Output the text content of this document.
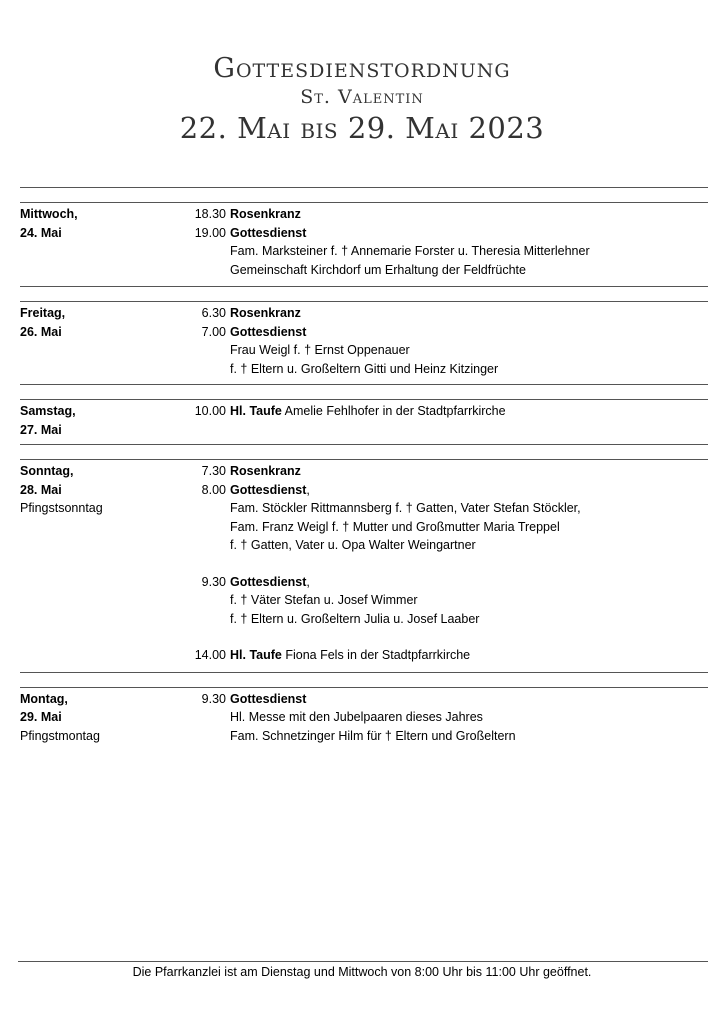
Gottesdienstordnung
St. Valentin
22. Mai bis 29. Mai 2023
Mittwoch,
24. Mai
18.30 Rosenkranz
19.00 Gottesdienst
Fam. Marksteiner f. † Annemarie Forster u. Theresia Mitterlehner
Gemeinschaft Kirchdorf um Erhaltung der Feldfrüchte
Freitag,
26. Mai
6.30 Rosenkranz
7.00 Gottesdienst
Frau Weigl f. † Ernst Oppenauer
f. † Eltern u. Großeltern Gitti und Heinz Kitzinger
Samstag,
27. Mai
10.00 Hl. Taufe Amelie Fehlhofer in der Stadtpfarrkirche
Sonntag,
28. Mai
Pfingstsonntag
7.30 Rosenkranz
8.00 Gottesdienst,
Fam. Stöckler Rittmannsberg f. † Gatten, Vater Stefan Stöckler,
Fam. Franz Weigl f. † Mutter und Großmutter Maria Treppel
f. † Gatten, Vater u. Opa Walter Weingartner
9.30 Gottesdienst,
f. † Väter Stefan u. Josef Wimmer
f. † Eltern u. Großeltern Julia u. Josef Laaber
14.00 Hl. Taufe Fiona Fels in der Stadtpfarrkirche
Montag,
29. Mai
Pfingstmontag
9.30 Gottesdienst
Hl. Messe mit den Jubelpaaren dieses Jahres
Fam. Schnetzinger Hilm für † Eltern und Großeltern
Die Pfarrkanzlei ist am Dienstag und Mittwoch von 8:00 Uhr bis 11:00 Uhr geöffnet.
